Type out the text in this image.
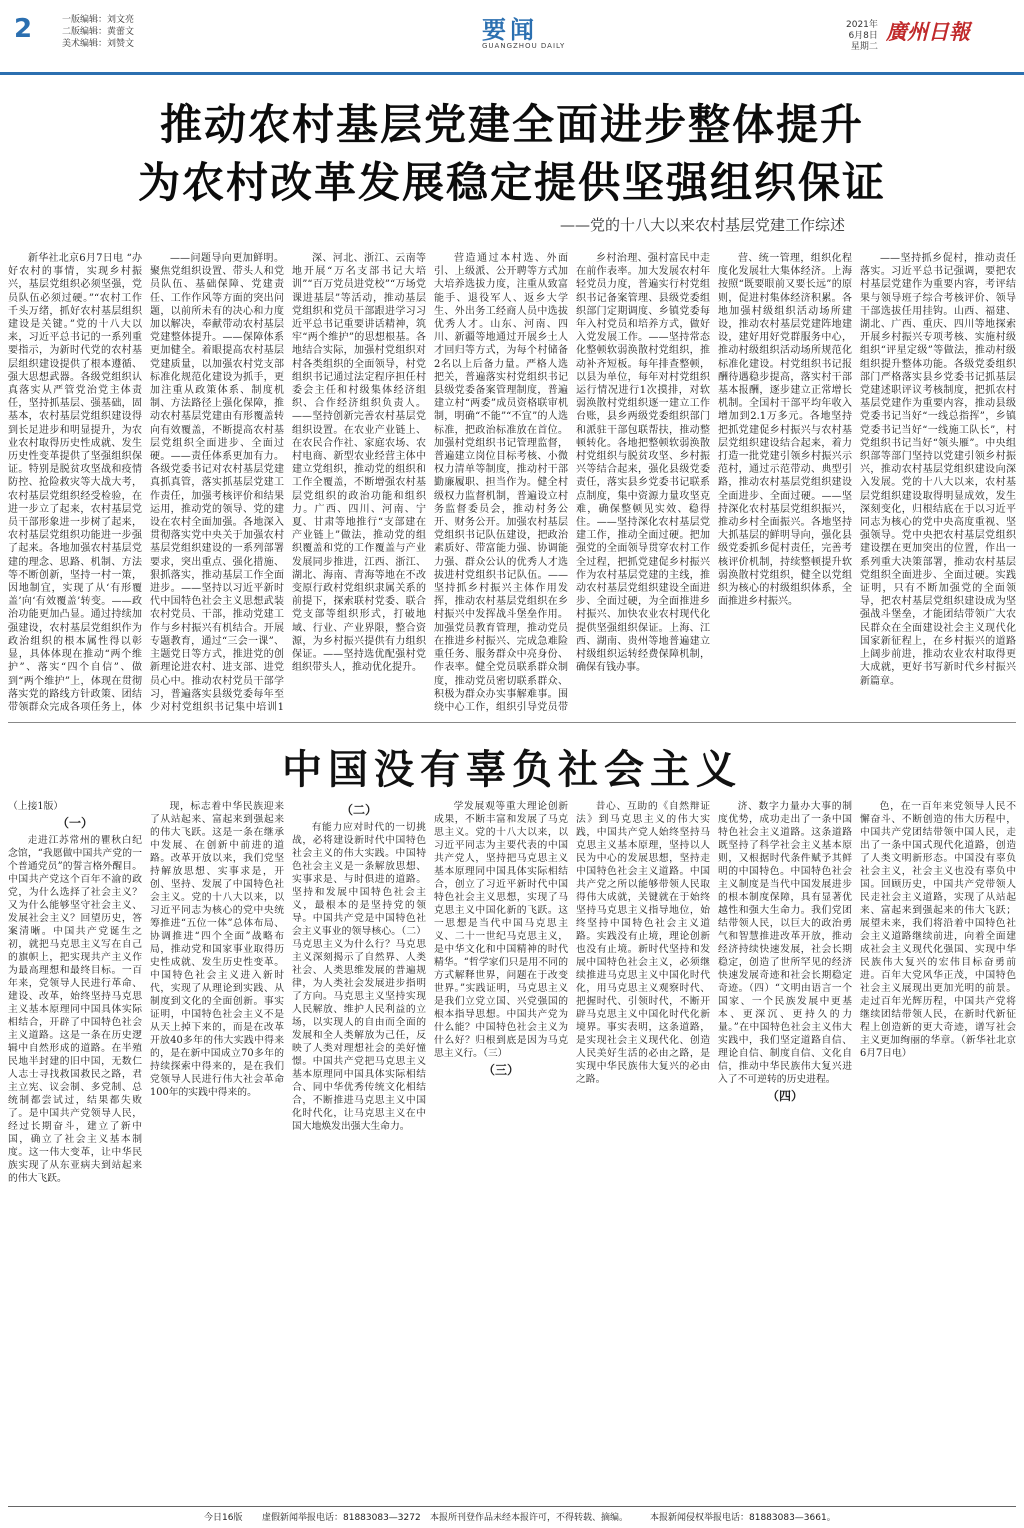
2	一版编辑：刘文亮
二版编辑：黄蕾文
美术编辑：刘赞文	要闻
GUANGZHOU DAILY
2021年
6月8日
星期二
廣州日報
推动农村基层党建全面进步整体提升
为农村改革发展稳定提供坚强组织保证
——党的十八大以来农村基层党建工作综述

新华社北京6月7日电 “办好农村的事情，实现乡村振兴，基层党组织必须坚强，党员队伍必须过硬。”“农村工作千头万绪，抓好农村基层组织建设是关键。”党的十八大以来，习近平总书记的一系列重要指示，为新时代党的农村基层组织建设提供了根本遵循、强大思想武器。各级党组织认真落实从严管党治党主体责任，坚持抓基层、强基础，固基本，农村基层党组织建设得到长足进步和明显提升，为农业农村取得历史性成就、发生历史性变革提供了坚强组织保证。特别是脱贫攻坚战和疫情防控、抢险救灾等大战大考，农村基层党组织经受检验，在进一步立了起来，农村基层党员干部形象进一步树了起来，农村基层党组织功能进一步强了起来。各地加强农村基层党建的理念、思路、机制、方法等不断创新，坚持一村一策，因地制宜，实现了从‘有形覆盖’向‘有效覆盖’转变。——政治功能更加凸显。通过持续加强建设，农村基层党组织作为政治组织的根本属性得以彰显，具体体现在推动“两个维护”、落实“四个自信”、做到“两个维护”上，体现在贯彻落实党的路线方针政策、团结带领群众完成各项任务上，体

——问题导向更加鲜明。聚焦党组织设置、带头人和党员队伍、基础保障、党建责任、工作作风等方面的突出问题，以前所未有的决心和力度加以解决，奉献带动农村基层党建整体提升。——保障体系更加健全。着眼提高农村基层党建质量，以加强农村党支部标准化规范化建设为抓手，更加注重从政策体系、制度机制、方法路径上强化保障，推动农村基层党建由有形覆盖转向有效覆盖，不断提高农村基层党组织全面进步、全面过硬。——责任体系更加有力。各级党委书记对农村基层党建真抓真管，落实抓基层党建工作责任，加强考核评价和结果运用，推动党的领导、党的建设在农村全面加强。各地深入贯彻落实党中央关于加强农村基层党组织建设的一系列部署要求，突出重点、强化措施、狠抓落实，推动基层工作全面进步。——坚持以习近平新时代中国特色社会主义思想武装农村党员、干部，推动党建工作与乡村振兴有机结合。开展专题教育，通过“三会一课”、主题党日等方式，推进党的创新理论进农村、进支部、进党员心中。推动农村党员干部学习，普遍落实县级党委每年至少对村党组织书记集中培训1

深、河北、浙江、云南等地开展“万名支部书记大培训”“百万党员进党校”“万场党课进基层”等活动，推动基层党组织和党员干部跟进学习习近平总书记重要讲话精神，筑牢“两个维护”的思想根基。各地结合实际，加强村党组织对村各类组织的全面领导，村党组织书记通过法定程序担任村委会主任和村级集体经济组织、合作经济组织负责人。——坚持创新完善农村基层党组织设置。在农业产业链上、在农民合作社、家庭农场、农村电商、新型农业经营主体中建立党组织，推动党的组织和工作全覆盖，不断增强农村基层党组织的政治功能和组织力。广西、四川、河南、宁夏、甘肃等地推行“支部建在产业链上”做法，推动党的组织覆盖和党的工作覆盖与产业发展同步推进，江西、浙江、湖北、海南、青海等地在不改变原行政村党组织隶属关系的前提下，探索联村党委、联合党支部等组织形式，打破地域、行业、产业界限，整合资源，为乡村振兴提供有力组织保证。——坚持选优配强村党组织带头人，推动优化提升。

营造通过本村选、外面引、上级派、公开聘等方式加大培养选拔力度，注重从致富能手、退役军人、返乡大学生、外出务工经商人员中选拔优秀人才。山东、河南、四川、新疆等地通过开展乡土人才回归等方式，为每个村储备2名以上后备力量。严格人选把关，普遍落实村党组织书记县级党委备案管理制度，普遍建立村“两委”成员资格联审机制，明确“不能”“不宜”的人选标准，把政治标准放在首位。加强村党组织书记管理监督，普遍建立岗位目标考核、小微权力清单等制度，推动村干部勤廉履职、担当作为。健全村级权力监督机制，普遍设立村务监督委员会，推动村务公开、财务公开。加强农村基层党组织书记队伍建设，把政治素质好、带富能力强、协调能力强、群众公认的优秀人才选拔进村党组织书记队伍。——坚持抓乡村振兴主体作用发挥，推动农村基层党组织在乡村振兴中发挥战斗堡垒作用。加强党员教育管理，推动党员在推进乡村振兴、完成急难险重任务、服务群众中亮身份、作表率。健全党员联系群众制度，推动党员密切联系群众、积极为群众办实事解难事。围绕中心工作，组织引导党员带

乡村治理、强村富民中走在前作表率。加大发展农村年轻党员力度，普遍实行村党组织书记备案管理、县级党委组织部门定期调度、乡镇党委每年入村党员和培养方式，做好入党发展工作。——坚持常态化整顿软弱涣散村党组织，推动补齐短板。每年排查整顿，以县为单位，每年对村党组织运行情况进行1次摸排，对软弱涣散村党组织逐一建立工作台账，县乡两级党委组织部门和派驻干部包联帮扶，推动整顿转化。各地把整顿软弱涣散村党组织与脱贫攻坚、乡村振兴等结合起来，强化县级党委责任，落实县乡党委书记联系点制度，集中资源力量攻坚克难，确保整顿见实效、稳得住。——坚持深化农村基层党建工作，推动全面过硬。把加强党的全面领导贯穿农村工作全过程，把抓党建促乡村振兴作为农村基层党建的主线，推动农村基层党组织建设全面进步、全面过硬，为全面推进乡村振兴、加快农业农村现代化提供坚强组织保证。上海、江西、湖南、贵州等地普遍建立村级组织运转经费保障机制，确保有钱办事。

营、统一管理，组织化程度化发展壮大集体经济。上海按照“既要眼前又要长远”的原则，促进村集体经济积累。各地加强村级组织活动场所建设，推动农村基层党建阵地建设，建好用好党群服务中心，推动村级组织活动场所规范化标准化建设。村党组织书记报酬待遇稳步提高，落实村干部基本报酬，逐步建立正常增长机制。全国村干部平均年收入增加到2.1万多元。各地坚持把抓党建促乡村振兴与农村基层党组织建设结合起来，着力打造一批党建引领乡村振兴示范村，通过示范带动、典型引路，推动农村基层党组织建设全面进步、全面过硬。——坚持深化农村基层党组织振兴，推动乡村全面振兴。各地坚持大抓基层的鲜明导向，强化县级党委抓乡促村责任，完善考核评价机制，持续整顿提升软弱涣散村党组织，健全以党组织为核心的村级组织体系，全面推进乡村振兴。

——坚持抓乡促村，推动责任落实。习近平总书记强调，要把农村基层党建作为重要内容，考评结果与领导班子综合考核评价、领导干部选拔任用挂钩。山西、福建、湖北、广西、重庆、四川等地探索开展乡村振兴专项考核、实施村级组织“评星定级”等做法，推动村级组织提升整体功能。各级党委组织部门严格落实县乡党委书记抓基层党建述职评议考核制度，把抓农村基层党建作为重要内容，推动县级党委书记当好“一线总指挥”，乡镇党委书记当好“一线施工队长”，村党组织书记当好“领头雁”。中央组织部等部门坚持以党建引领乡村振兴，推动农村基层党组织建设向深入发展。党的十八大以来，农村基层党组织建设取得明显成效，发生深刻变化，归根结底在于以习近平同志为核心的党中央高度重视、坚强领导。党中央把农村基层党组织建设摆在更加突出的位置，作出一系列重大决策部署，推动农村基层党组织全面进步、全面过硬。实践证明，只有不断加强党的全面领导，把农村基层党组织建设成为坚强战斗堡垒，才能团结带领广大农民群众在全面建设社会主义现代化国家新征程上，在乡村振兴的道路上阔步前进，推动农业农村取得更大成就，更好书写新时代乡村振兴新篇章。

中国没有辜负社会主义

（上接1版）

（一）

走进江苏常州的瞿秋白纪念馆，“我愿做中国共产党的一个普通党员”的誓言格外醒目。中国共产党这个百年不渝的政党，为什么选择了社会主义？又为什么能够坚守社会主义、发展社会主义？回望历史，答案清晰。中国共产党诞生之初，就把马克思主义写在自己的旗帜上，把实现共产主义作为最高理想和最终目标。一百年来，党领导人民进行革命、建设、改革，始终坚持马克思主义基本原理同中国具体实际相结合，开辟了中国特色社会主义道路。这是一条在历史逻辑中自然形成的道路。在半殖民地半封建的旧中国，无数仁人志士寻找救国救民之路，君主立宪、议会制、多党制、总统制都尝试过，结果都失败了。是中国共产党领导人民，经过长期奋斗，建立了新中国，确立了社会主义基本制度。这一伟大变革，让中华民族实现了从东亚病夫到站起来的伟大飞跃。

现，标志着中华民族迎来了从站起来、富起来到强起来的伟大飞跃。这是一条在继承中发展、在创新中前进的道路。改革开放以来，我们党坚持解放思想、实事求是，开创、坚持、发展了中国特色社会主义。党的十八大以来，以习近平同志为核心的党中央统筹推进“五位一体”总体布局、协调推进“四个全面”战略布局，推动党和国家事业取得历史性成就、发生历史性变革。中国特色社会主义进入新时代，实现了从理论到实践、从制度到文化的全面创新。事实证明，中国特色社会主义不是从天上掉下来的，而是在改革开放40多年的伟大实践中得来的，是在新中国成立70多年的持续探索中得来的，是在我们党领导人民进行伟大社会革命100年的实践中得来的。

（二）

有能力应对时代的一切挑战，必将建设新时代中国特色社会主义的伟大实践。中国特色社会主义是一条解放思想、实事求是、与时俱进的道路。坚持和发展中国特色社会主义，最根本的是坚持党的领导。中国共产党是中国特色社会主义事业的领导核心。（二）马克思主义为什么行？马克思主义深刻揭示了自然界、人类社会、人类思维发展的普遍规律，为人类社会发展进步指明了方向。马克思主义坚持实现人民解放、维护人民利益的立场，以实现人的自由而全面的发展和全人类解放为己任，反映了人类对理想社会的美好憧憬。中国共产党把马克思主义基本原理同中国具体实际相结合、同中华优秀传统文化相结合，不断推进马克思主义中国化时代化，让马克思主义在中国大地焕发出强大生命力。

学发展观等重大理论创新成果，不断丰富和发展了马克思主义。党的十八大以来，以习近平同志为主要代表的中国共产党人，坚持把马克思主义基本原理同中国具体实际相结合，创立了习近平新时代中国特色社会主义思想，实现了马克思主义中国化新的飞跃。这一思想是当代中国马克思主义、二十一世纪马克思主义，是中华文化和中国精神的时代精华。“哲学家们只是用不同的方式解释世界，问题在于改变世界。”实践证明，马克思主义是我们立党立国、兴党强国的根本指导思想。中国共产党为什么能？中国特色社会主义为什么好？归根到底是因为马克思主义行。（三）

（三）

昔心、互助的《自然辩证法》到马克思主义的伟大实践，中国共产党人始终坚持马克思主义基本原理，坚持以人民为中心的发展思想，坚持走中国特色社会主义道路。中国共产党之所以能够带领人民取得伟大成就，关键就在于始终坚持马克思主义指导地位，始终坚持中国特色社会主义道路。实践没有止境，理论创新也没有止境。新时代坚持和发展中国特色社会主义，必须继续推进马克思主义中国化时代化，用马克思主义观察时代、把握时代、引领时代，不断开辟马克思主义中国化时代化新境界。事实表明，这条道路，是实现社会主义现代化、创造人民美好生活的必由之路，是实现中华民族伟大复兴的必由之路。

济、数字力量办大事的制度优势，成功走出了一条中国特色社会主义道路。这条道路既坚持了科学社会主义基本原则，又根据时代条件赋予其鲜明的中国特色。中国特色社会主义制度是当代中国发展进步的根本制度保障，具有显著优越性和强大生命力。我们党团结带领人民，以巨大的政治勇气和智慧推进改革开放，推动经济持续快速发展，社会长期稳定，创造了世所罕见的经济快速发展奇迹和社会长期稳定奇迹。（四）“文明由语言一个国家、一个民族发展中更基本、更深沉、更持久的力量。”在中国特色社会主义伟大实践中，我们坚定道路自信、理论自信、制度自信、文化自信，推动中华民族伟大复兴进入了不可逆转的历史进程。

（四）

色，在一百年来党领导人民不懈奋斗、不断创造的伟大历程中，中国共产党团结带领中国人民，走出了一条中国式现代化道路，创造了人类文明新形态。中国没有辜负社会主义，社会主义也没有辜负中国。回顾历史，中国共产党带领人民走社会主义道路，实现了从站起来、富起来到强起来的伟大飞跃；展望未来，我们将沿着中国特色社会主义道路继续前进，向着全面建成社会主义现代化强国、实现中华民族伟大复兴的宏伟目标奋勇前进。百年大党风华正茂，中国特色社会主义展现出更加光明的前景。走过百年光辉历程，中国共产党将继续团结带领人民，在新时代新征程上创造新的更大奇迹，谱写社会主义更加绚丽的华章。（新华社北京6月7日电）

今日16版 虚假新闻举报电话：81883083—3272 本报所刊登作品未经本报许可，不得转载、摘编。 本报新闻侵权举报电话：81883083—3661。
